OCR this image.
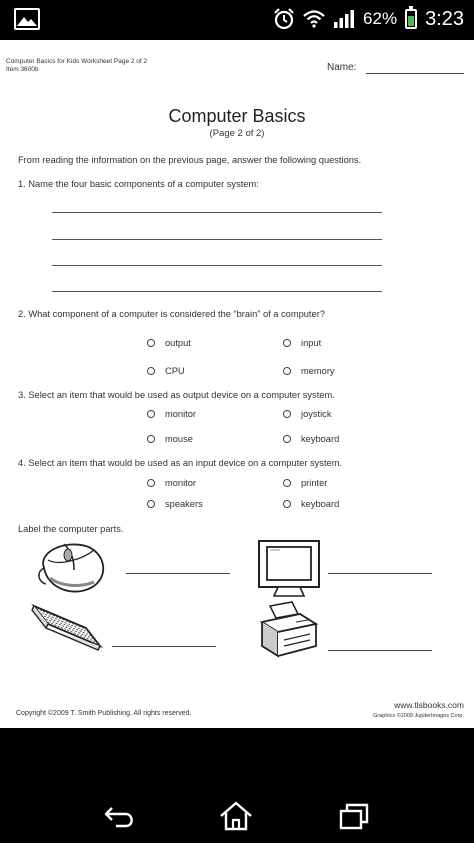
62% 3:23
Computer Basics for Kids Worksheet Page 2 of 2
Item 3600b	Name:
Computer Basics
(Page 2 of 2)
From reading the information on the previous page, answer the following questions.
1. Name the four basic components of a computer system:
2. What component of a computer is considered the “brain” of a computer?
output	input
CPU	memory
3. Select an item that would be used as output device on a computer system.
monitor	joystick
mouse	keyboard
4. Select an item that would be used as an input device on a computer system.
monitor	printer
speakers	keyboard
Label the computer parts.
Copyright ©2009 T. Smith Publishing. All rights reserved.
www.tlsbooks.com
Graphics ©2009 JupiterImages Corp.
